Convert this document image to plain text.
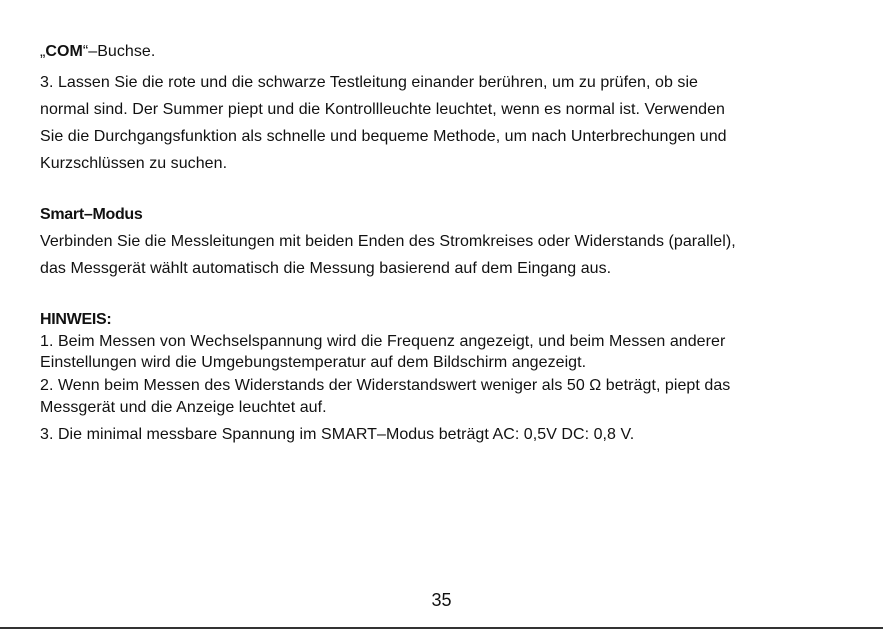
„COM“–Buchse.
3. Lassen Sie die rote und die schwarze Testleitung einander berühren, um zu prüfen, ob sie
normal sind. Der Summer piept und die Kontrollleuchte leuchtet, wenn es normal ist. Verwenden
Sie die Durchgangsfunktion als schnelle und bequeme Methode, um nach Unterbrechungen und
Kurzschlüssen zu suchen.
Smart–Modus
Verbinden Sie die Messleitungen mit beiden Enden des Stromkreises oder Widerstands (parallel),
das Messgerät wählt automatisch die Messung basierend auf dem Eingang aus.
HINWEIS:
1. Beim Messen von Wechselspannung wird die Frequenz angezeigt, und beim Messen anderer
Einstellungen wird die Umgebungstemperatur auf dem Bildschirm angezeigt.
2. Wenn beim Messen des Widerstands der Widerstandswert weniger als 50 Ω beträgt, piept das
Messgerät und die Anzeige leuchtet auf.
3. Die minimal messbare Spannung im SMART–Modus beträgt AC: 0,5V DC: 0,8 V.
35
